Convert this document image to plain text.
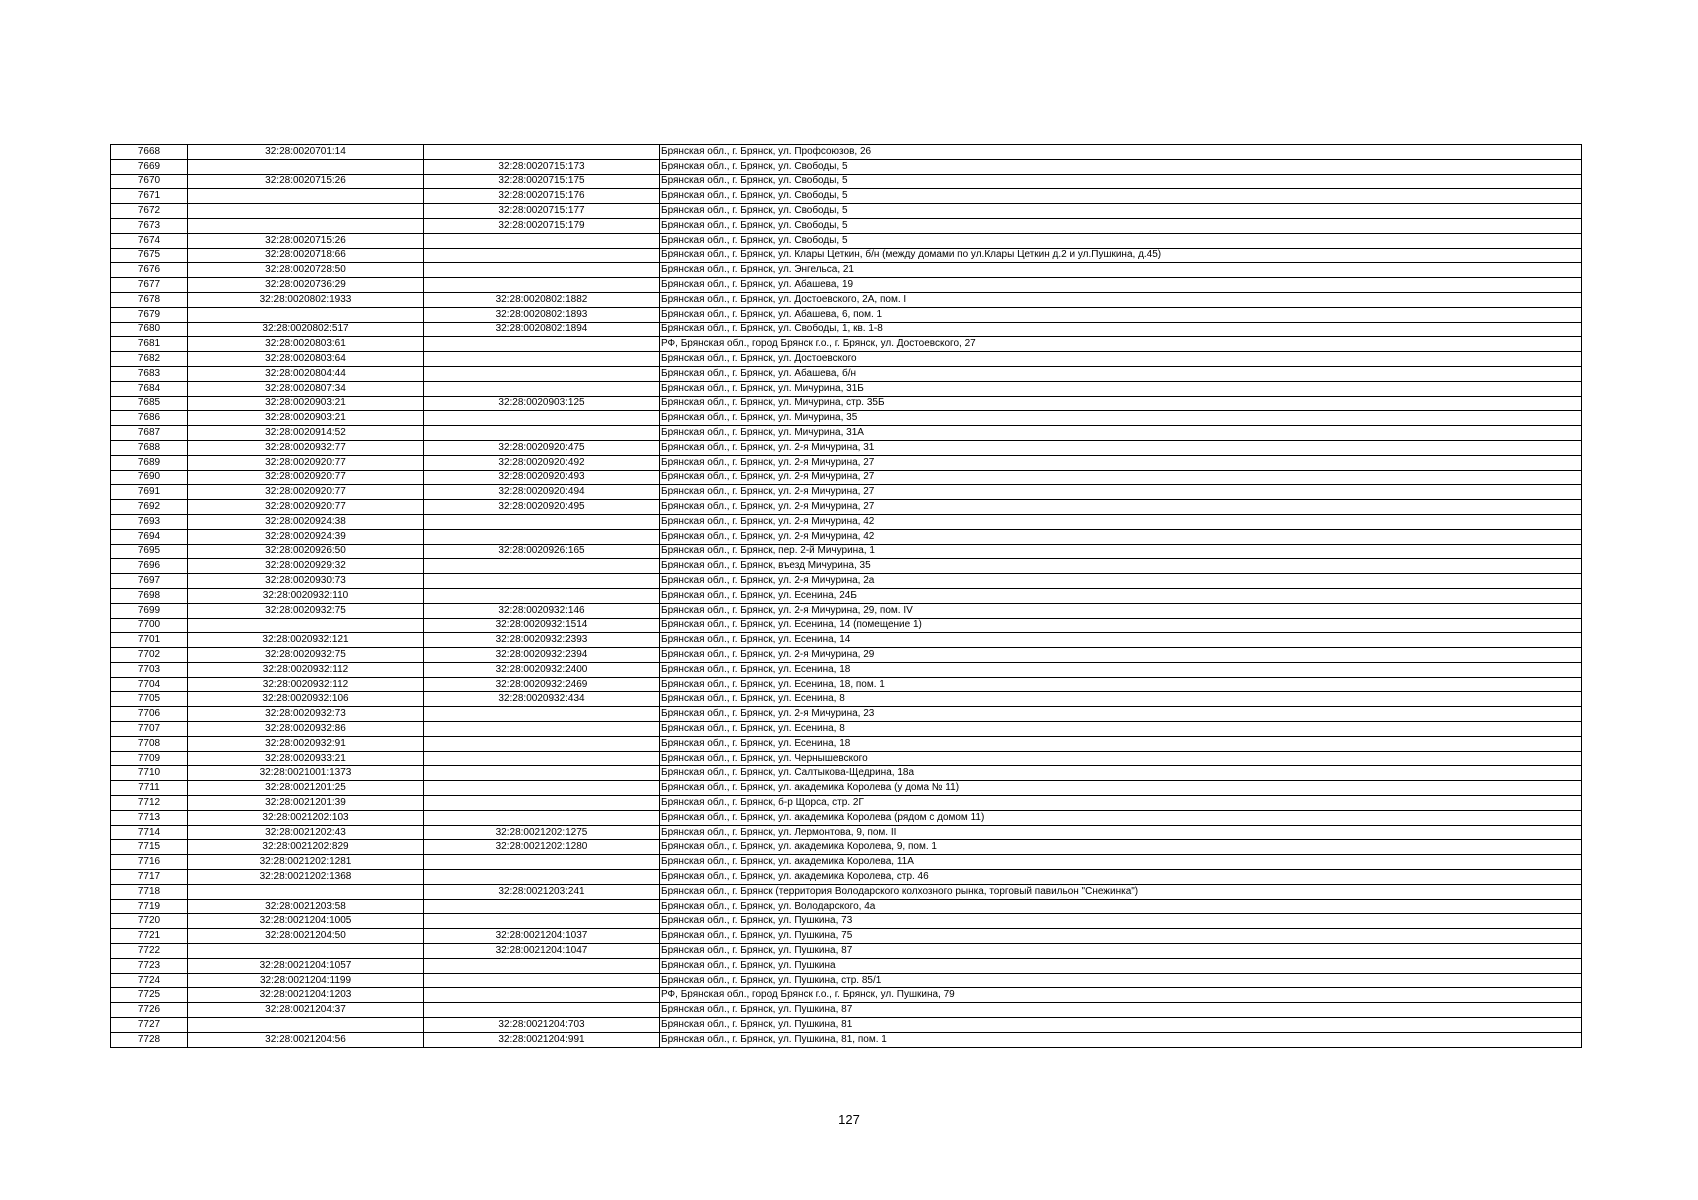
7668	32:28:0020701:14		Брянская обл., г. Брянск, ул. Профсоюзов, 26
7669		32:28:0020715:173	Брянская обл., г. Брянск, ул. Свободы, 5
7670	32:28:0020715:26	32:28:0020715:175	Брянская обл., г. Брянск, ул. Свободы, 5
7671		32:28:0020715:176	Брянская обл., г. Брянск, ул. Свободы, 5
7672		32:28:0020715:177	Брянская обл., г. Брянск, ул. Свободы, 5
7673		32:28:0020715:179	Брянская обл., г. Брянск, ул. Свободы, 5
7674	32:28:0020715:26		Брянская обл., г. Брянск, ул. Свободы, 5
7675	32:28:0020718:66		Брянская обл., г. Брянск, ул. Клары Цеткин, б/н (между домами по ул.Клары Цеткин д.2 и ул.Пушкина, д.45)
7676	32:28:0020728:50		Брянская обл., г. Брянск, ул. Энгельса, 21
7677	32:28:0020736:29		Брянская обл., г. Брянск, ул. Абашева, 19
7678	32:28:0020802:1933	32:28:0020802:1882	Брянская обл., г. Брянск, ул. Достоевского, 2А, пом. I
7679		32:28:0020802:1893	Брянская обл., г. Брянск, ул. Абашева, 6, пом. 1
7680	32:28:0020802:517	32:28:0020802:1894	Брянская обл., г. Брянск, ул. Свободы, 1, кв. 1-8
7681	32:28:0020803:61		РФ, Брянская обл., город Брянск г.о., г. Брянск, ул. Достоевского, 27
7682	32:28:0020803:64		Брянская обл., г. Брянск, ул. Достоевского
7683	32:28:0020804:44		Брянская обл., г. Брянск, ул. Абашева, б/н
7684	32:28:0020807:34		Брянская обл., г. Брянск, ул. Мичурина, 31Б
7685	32:28:0020903:21	32:28:0020903:125	Брянская обл., г. Брянск, ул. Мичурина, стр. 35Б
7686	32:28:0020903:21		Брянская обл., г. Брянск, ул. Мичурина, 35
7687	32:28:0020914:52		Брянская обл., г. Брянск, ул. Мичурина, 31А
7688	32:28:0020932:77	32:28:0020920:475	Брянская обл., г. Брянск, ул. 2-я Мичурина, 31
7689	32:28:0020920:77	32:28:0020920:492	Брянская обл., г. Брянск, ул. 2-я Мичурина, 27
7690	32:28:0020920:77	32:28:0020920:493	Брянская обл., г. Брянск, ул. 2-я Мичурина, 27
7691	32:28:0020920:77	32:28:0020920:494	Брянская обл., г. Брянск, ул. 2-я Мичурина, 27
7692	32:28:0020920:77	32:28:0020920:495	Брянская обл., г. Брянск, ул. 2-я Мичурина, 27
7693	32:28:0020924:38		Брянская обл., г. Брянск, ул. 2-я Мичурина, 42
7694	32:28:0020924:39		Брянская обл., г. Брянск, ул. 2-я Мичурина, 42
7695	32:28:0020926:50	32:28:0020926:165	Брянская обл., г. Брянск, пер. 2-й Мичурина, 1
7696	32:28:0020929:32		Брянская обл., г. Брянск, въезд Мичурина, 35
7697	32:28:0020930:73		Брянская обл., г. Брянск, ул. 2-я Мичурина, 2а
7698	32:28:0020932:110		Брянская обл., г. Брянск, ул. Есенина, 24Б
7699	32:28:0020932:75	32:28:0020932:146	Брянская обл., г. Брянск, ул. 2-я Мичурина, 29, пом. IV
7700		32:28:0020932:1514	Брянская обл., г. Брянск, ул. Есенина, 14 (помещение 1)
7701	32:28:0020932:121	32:28:0020932:2393	Брянская обл., г. Брянск, ул. Есенина, 14
7702	32:28:0020932:75	32:28:0020932:2394	Брянская обл., г. Брянск, ул. 2-я Мичурина, 29
7703	32:28:0020932:112	32:28:0020932:2400	Брянская обл., г. Брянск, ул. Есенина, 18
7704	32:28:0020932:112	32:28:0020932:2469	Брянская обл., г. Брянск, ул. Есенина, 18, пом. 1
7705	32:28:0020932:106	32:28:0020932:434	Брянская обл., г. Брянск, ул. Есенина, 8
7706	32:28:0020932:73		Брянская обл., г. Брянск, ул. 2-я Мичурина, 23
7707	32:28:0020932:86		Брянская обл., г. Брянск, ул. Есенина, 8
7708	32:28:0020932:91		Брянская обл., г. Брянск, ул. Есенина, 18
7709	32:28:0020933:21		Брянская обл., г. Брянск, ул. Чернышевского
7710	32:28:0021001:1373		Брянская обл., г. Брянск, ул. Салтыкова-Щедрина, 18а
7711	32:28:0021201:25		Брянская обл., г. Брянск, ул. академика Королева (у дома № 11)
7712	32:28:0021201:39		Брянская обл., г. Брянск, б-р Щорса, стр. 2Г
7713	32:28:0021202:103		Брянская обл., г. Брянск, ул. академика Королева (рядом с домом 11)
7714	32:28:0021202:43	32:28:0021202:1275	Брянская обл., г. Брянск, ул. Лермонтова, 9, пом. II
7715	32:28:0021202:829	32:28:0021202:1280	Брянская обл., г. Брянск, ул. академика Королева, 9, пом. 1
7716	32:28:0021202:1281		Брянская обл., г. Брянск, ул. академика Королева, 11А
7717	32:28:0021202:1368		Брянская обл., г. Брянск, ул. академика Королева, стр. 46
7718		32:28:0021203:241	Брянская обл., г. Брянск (территория Володарского колхозного рынка, торговый павильон "Снежинка")
7719	32:28:0021203:58		Брянская обл., г. Брянск, ул. Володарского, 4а
7720	32:28:0021204:1005		Брянская обл., г. Брянск, ул. Пушкина, 73
7721	32:28:0021204:50	32:28:0021204:1037	Брянская обл., г. Брянск, ул. Пушкина, 75
7722		32:28:0021204:1047	Брянская обл., г. Брянск, ул. Пушкина, 87
7723	32:28:0021204:1057		Брянская обл., г. Брянск, ул. Пушкина
7724	32:28:0021204:1199		Брянская обл., г. Брянск, ул. Пушкина, стр. 85/1
7725	32:28:0021204:1203		РФ, Брянская обл., город Брянск г.о., г. Брянск, ул. Пушкина, 79
7726	32:28:0021204:37		Брянская обл., г. Брянск, ул. Пушкина, 87
7727		32:28:0021204:703	Брянская обл., г. Брянск, ул. Пушкина, 81
7728	32:28:0021204:56	32:28:0021204:991	Брянская обл., г. Брянск, ул. Пушкина, 81, пом. 1
127
